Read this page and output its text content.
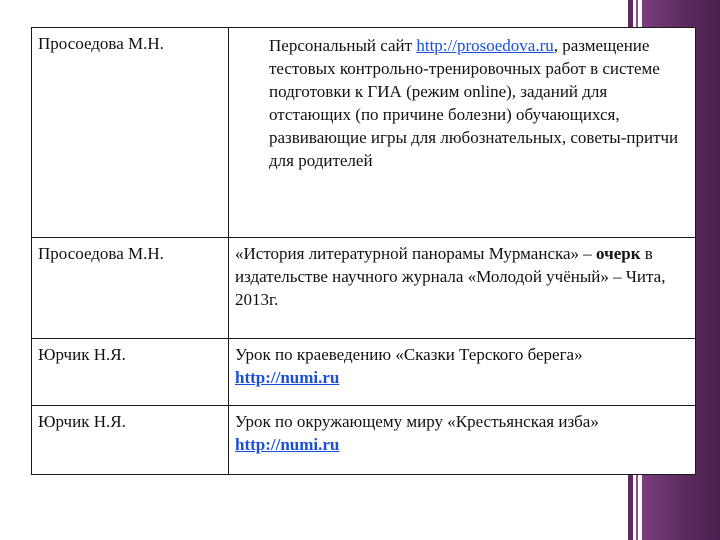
Просоедова М.Н.	Персональный сайт http://prosoedova.ru, размещение тестовых контрольно-тренировочных работ в системе подготовки к ГИА (режим online), заданий для отстающих (по причине болезни) обучающихся, развивающие игры для любознательных, советы-притчи для родителей
Просоедова М.Н.	«История литературной панорамы Мурманска» – очерк в издательстве научного журнала «Молодой учёный» – Чита, 2013г.
Юрчик Н.Я.	Урок по краеведению «Сказки Терского берега»
http://numi.ru
Юрчик Н.Я.	Урок по окружающему миру «Крестьянская изба»
http://numi.ru
